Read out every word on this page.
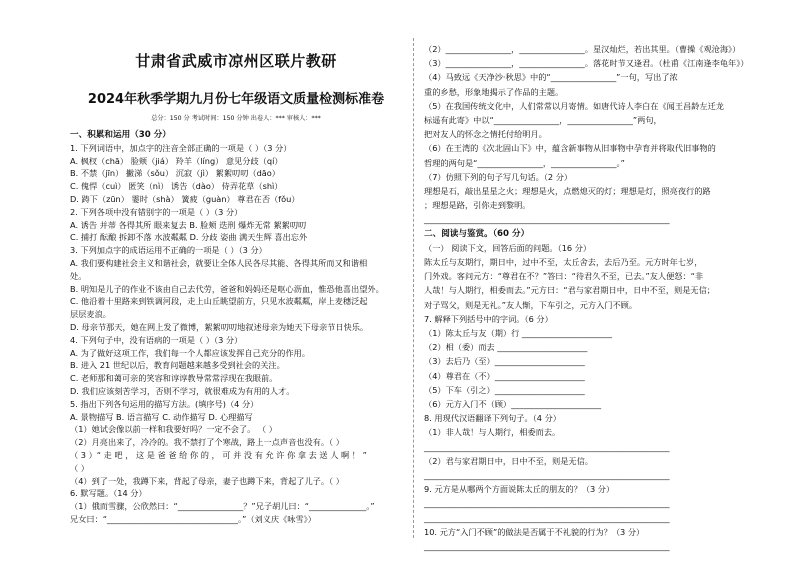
甘肃省武威市凉州区联片教研
2024年秋季学期九月份七年级语文质量检测标准卷
总分：150 分 考试时间：150 分钟 出卷人：*** 审核人：***
一、积累和运用（30 分）
1. 下列词语中，加点字的注音全部正确的一项是（ ）（3 分）
A. 枫杈（chā） 脸颊（jiá） 羚羊（líng） 意见分歧（qí）
B. 不禁（jīn） 撇涕（sǒu） 沉寂（jì） 絮絮叨叨（dāo）
C. 傀悍（cuì） 匿笑（nì） 诱告（dào） 侍弄花草（shì）
D. 踌下（zūn） 霎时（shà） 簧疲（guàn） 尊君在否（fǒu）
2. 下列各项中没有错别字的一项是（ ）（3 分）
A. 诱告 并蒂 各得其所 眼来复去 B. 脸颊 迭刑 爆炸无常 絮絮叨叨
C. 捕打 酝酿 拆卸不落 水波粼粼 D. 分歧 姿曲 满天生辉 喜出忘外
3. 下列加点字的成语运用不正确的一项是（ ）（3 分）
A. 我们要构建社会主义和谐社会，就要让全体人民各尽其能、各得其所而又和谐相
处。
B. 明知是儿子的作业不该由自己去代劳，爸爸和妈妈还是呕心沥血，惟恐他喜出望外。
C. 他沿着十里路来到铁调河段，走上山丘眺望前方，只见水波粼粼，岸上麦穗泛起
层层麦浪。
D. 母亲节那天，她在网上发了微博，絮絮叨叨地叙述母亲为她天下母亲节日快乐。
4. 下列句子中，没有语病的一项是（ ）（3 分）
A. 为了做好这项工作，我们每一个人都应该发挥自己充分的作用。
B. 进入 21 世纪以后，教育问题越来越多受到社会的关注。
C. 老师那和蔼可亲的笑容和谆谆教导常常浮现在我眼前。
D. 我们应该刻苦学习，否则不学习，就很难成为有用的人才。
5. 指出下列各句运用的描写方法。(填序号)（4 分）
A. 景物描写 B. 语言描写 C. 动作描写 D. 心理描写
（1）她试会像以前一样和我要好吗？一定不会了。 （ ）
（2）月亮出来了，冷冷的。我不禁打了个寒战，路上一点声音也没有。（ ）
（ 3 ）“ 走 吧 ， 这 是 爸 爸 给 你 的 ， 可 并 没 有 允 许 你 拿 去 送 人 啊 ！ ”
（ ）
（4）到了一处，我蹲下来，背起了母亲，妻子也蹲下来，背起了儿子。（ ）
6. 默写题。（14 分）
（1）俄而雪骤，公欣然曰：“________________？”兄子胡儿曰：“______________。”
兄女曰：“________________________________。”（刘义庆《咏雪》）
（2）________________，________________。星汉灿烂，若出其里。（曹操《观沧海》）
（3）________________，________________。落花时节又逢君。（杜甫《江南逢李龟年》）
（4）马致远《天净沙·秋思》中的“________________”一句，写出了浓
重的乡愁，形象地揭示了作品的主题。
（5）在我国传统文化中，人们常常以月寄情。如唐代诗人李白在《闻王昌龄左迁龙
标遥有此寄》中以“________________，________________”两句，
把对友人的怀念之情托付给明月。
（6）在王湾的《次北固山下》中，蕴含新事物从旧事物中孕育并将取代旧事物的
哲理的两句是“________________，________________。”
（7）仿照下列的句子写几句话。（2 分）
理想是石，敲出星星之火；理想是火，点燃熄灭的灯；理想是灯，照亮夜行的路
；理想是路，引你走到黎明。
____________________________________________________________
二、阅读与鉴赏。（60 分）
（一） 阅读下文，回答后面的问题。（16 分）
陈太丘与友期行，期日中，过中不至，太丘舍去，去后乃至。元方时年七岁，
门外戏。客问元方：“尊君在不？”答曰：“待君久不至，已去。”友人便怒：“非
人哉！与人期行，相委而去。”元方曰：“君与家君期日中，日中不至，则是无信；
对子骂父，则是无礼。”友人惭，下车引之，元方入门不顾。
7. 解释下列括号中的字词。（6 分）
（1）陈太丘与友（期）行 ______________________
（2）相（委）而去 ______________________
（3）去后乃（至）______________________
（4）尊君在（不）______________________
（5）下车（引之）______________________
（6）元方入门不（顾）______________________
8. 用现代汉语翻译下列句子。（4 分）
（1）非人哉！与人期行，相委而去。
____________________________________________________________
（2）君与家君期日中，日中不至，则是无信。
____________________________________________________________
9. 元方是从哪两个方面说陈太丘的朋友的？（3 分）
____________________________________________________________
____________________________________________________________
10. 元方“入门不顾”的做法是否属于不礼貌的行为？（3 分）
____________________________________________________________
